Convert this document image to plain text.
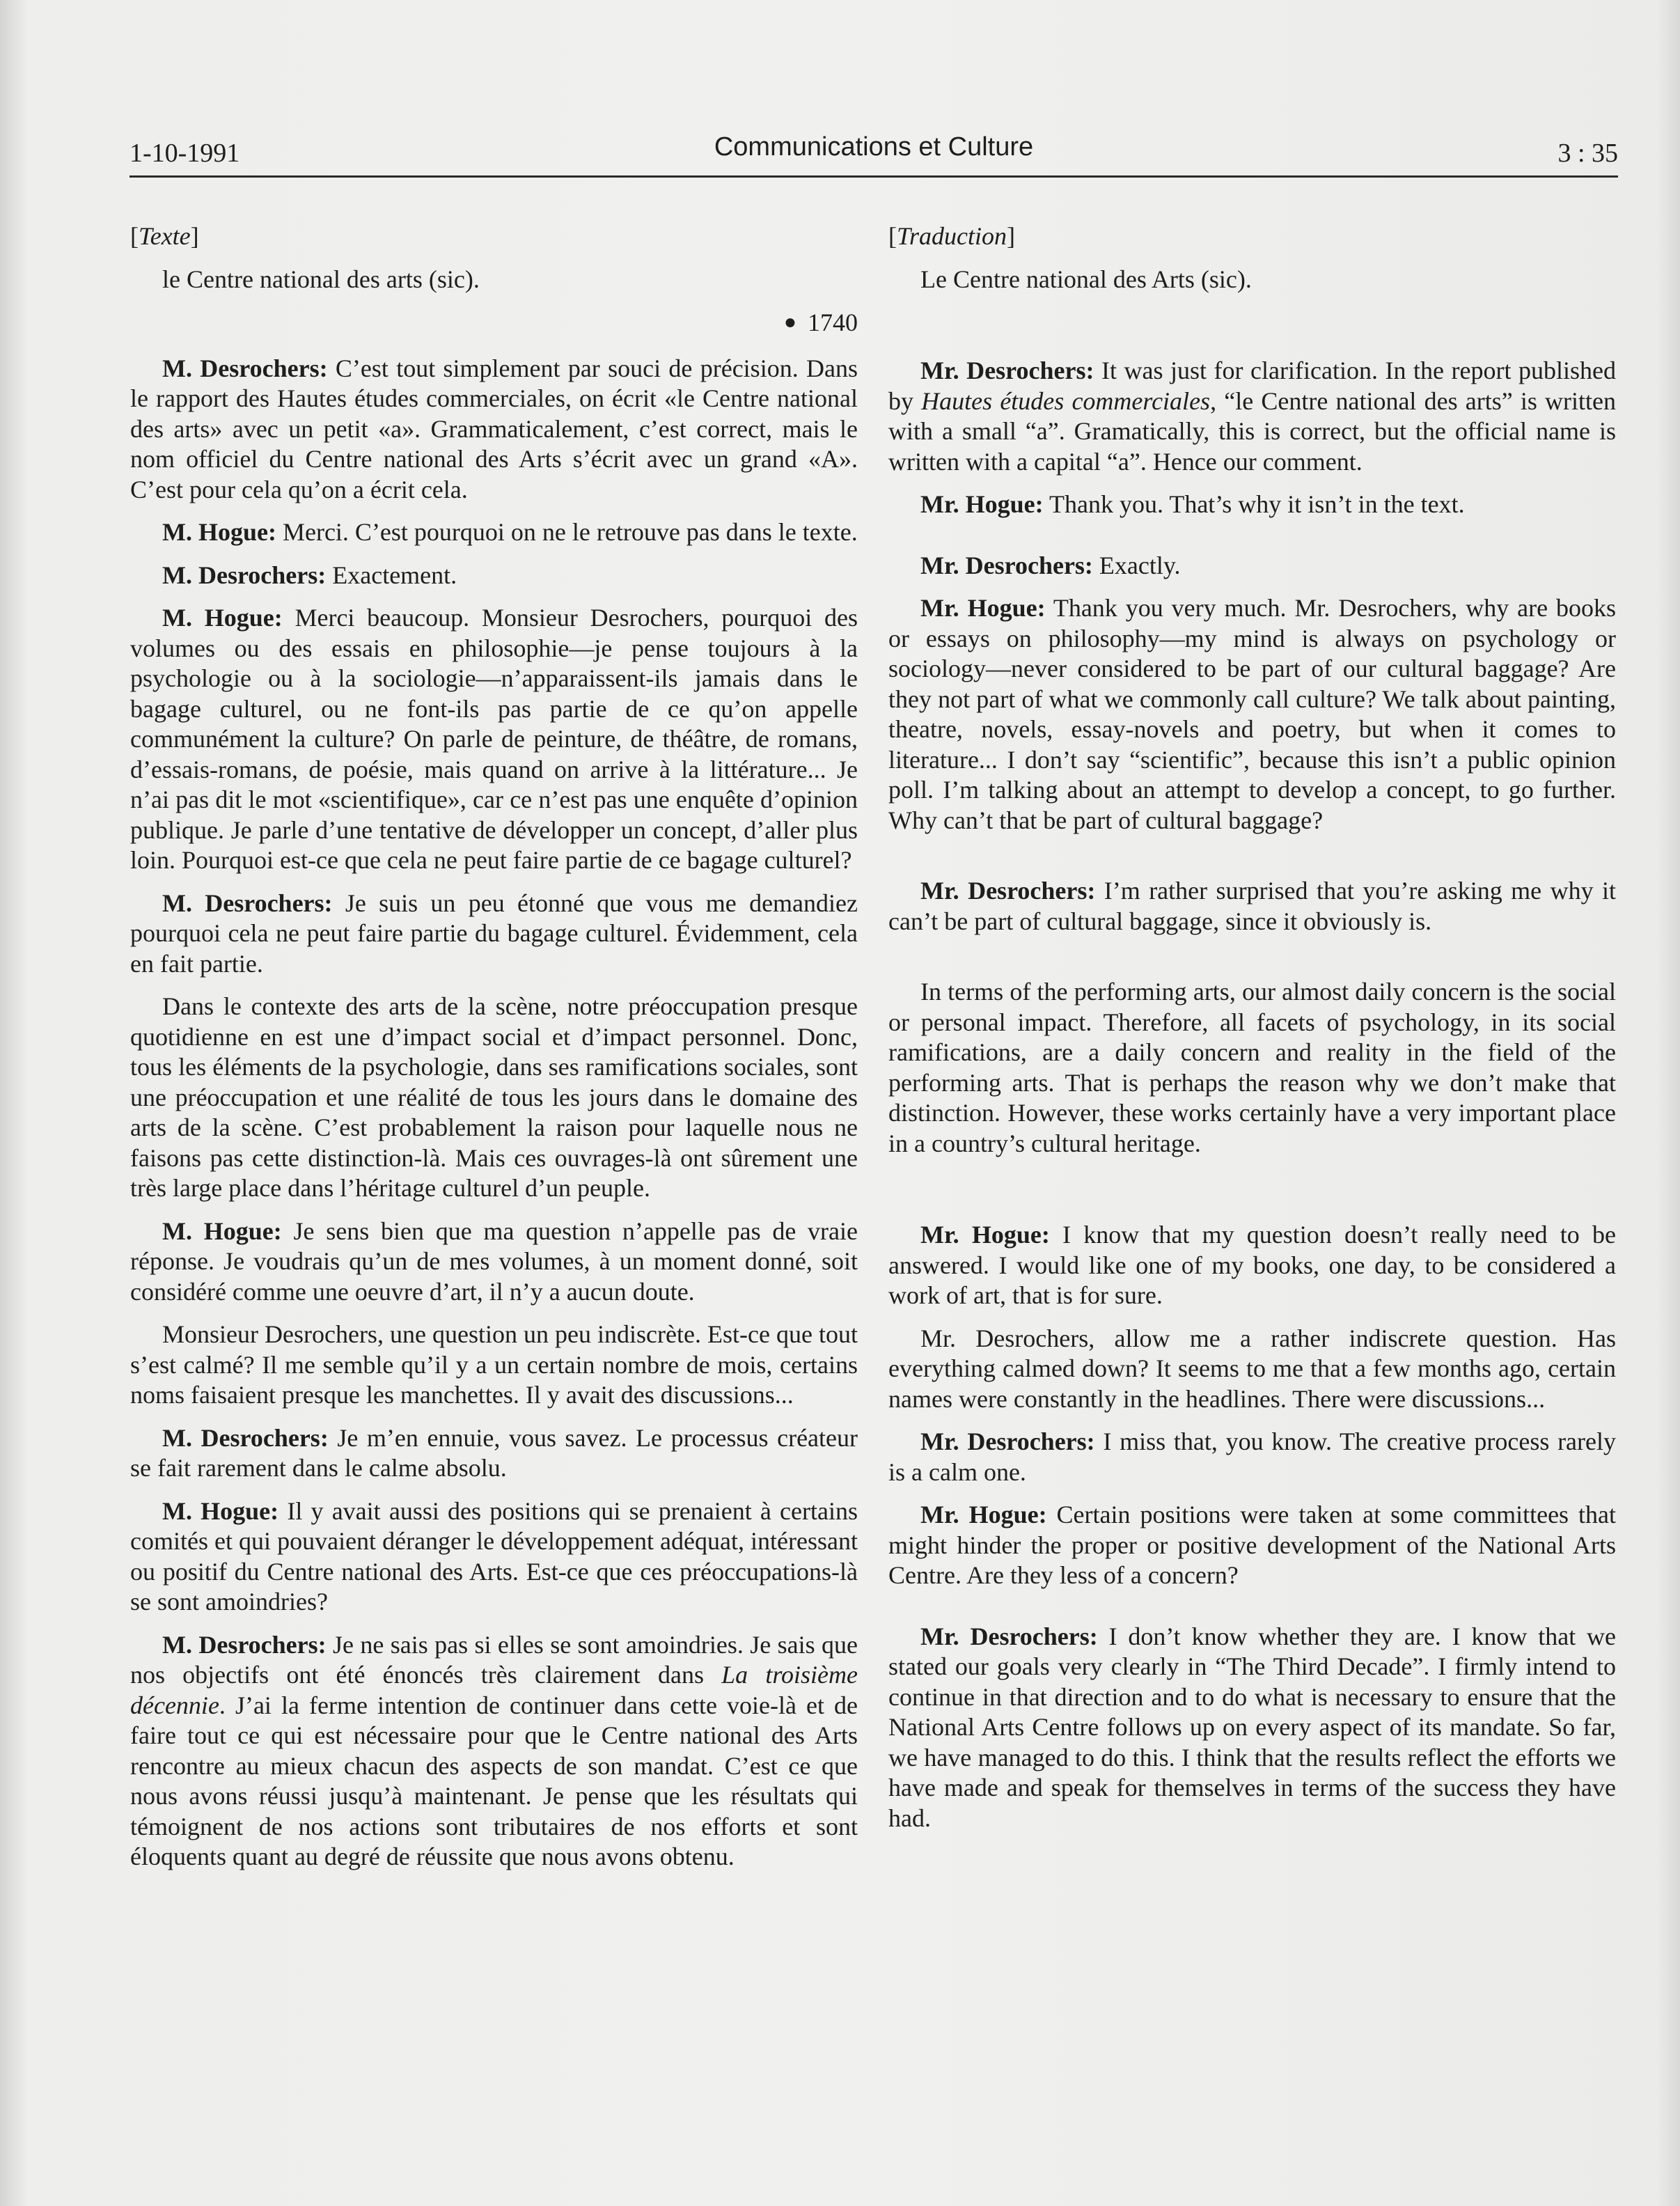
1-10-1991	Communications et Culture	3 : 35
[Texte]

le Centre national des arts (sic).

● 1740

M. Desrochers: C’est tout simplement par souci de précision. Dans le rapport des Hautes études commerciales, on écrit «le Centre national des arts» avec un petit «a». Grammaticalement, c’est correct, mais le nom officiel du Centre national des Arts s’écrit avec un grand «A». C’est pour cela qu’on a écrit cela.

M. Hogue: Merci. C’est pourquoi on ne le retrouve pas dans le texte.

M. Desrochers: Exactement.

M. Hogue: Merci beaucoup. Monsieur Desrochers, pourquoi des volumes ou des essais en philosophie—je pense toujours à la psychologie ou à la sociologie—n’apparaissent-ils jamais dans le bagage culturel, ou ne font-ils pas partie de ce qu’on appelle communément la culture? On parle de peinture, de théâtre, de romans, d’essais-romans, de poésie, mais quand on arrive à la littérature... Je n’ai pas dit le mot «scientifique», car ce n’est pas une enquête d’opinion publique. Je parle d’une tentative de développer un concept, d’aller plus loin. Pourquoi est-ce que cela ne peut faire partie de ce bagage culturel?

M. Desrochers: Je suis un peu étonné que vous me demandiez pourquoi cela ne peut faire partie du bagage culturel. Évidemment, cela en fait partie.

Dans le contexte des arts de la scène, notre préoccupation presque quotidienne en est une d’impact social et d’impact personnel. Donc, tous les éléments de la psychologie, dans ses ramifications sociales, sont une préoccupation et une réalité de tous les jours dans le domaine des arts de la scène. C’est probablement la raison pour laquelle nous ne faisons pas cette distinction-là. Mais ces ouvrages-là ont sûrement une très large place dans l’héritage culturel d’un peuple.

M. Hogue: Je sens bien que ma question n’appelle pas de vraie réponse. Je voudrais qu’un de mes volumes, à un moment donné, soit considéré comme une oeuvre d’art, il n’y a aucun doute.

Monsieur Desrochers, une question un peu indiscrète. Est-ce que tout s’est calmé? Il me semble qu’il y a un certain nombre de mois, certains noms faisaient presque les manchettes. Il y avait des discussions...

M. Desrochers: Je m’en ennuie, vous savez. Le processus créateur se fait rarement dans le calme absolu.

M. Hogue: Il y avait aussi des positions qui se prenaient à certains comités et qui pouvaient déranger le développement adéquat, intéressant ou positif du Centre national des Arts. Est-ce que ces préoccupations-là se sont amoindries?

M. Desrochers: Je ne sais pas si elles se sont amoindries. Je sais que nos objectifs ont été énoncés très clairement dans La troisième décennie. J’ai la ferme intention de continuer dans cette voie-là et de faire tout ce qui est nécessaire pour que le Centre national des Arts rencontre au mieux chacun des aspects de son mandat. C’est ce que nous avons réussi jusqu’à maintenant. Je pense que les résultats qui témoignent de nos actions sont tributaires de nos efforts et sont éloquents quant au degré de réussite que nous avons obtenu.

[Traduction]

Le Centre national des Arts (sic).

Mr. Desrochers: It was just for clarification. In the report published by Hautes études commerciales, “le Centre national des arts” is written with a small “a”. Gramatically, this is correct, but the official name is written with a capital “a”. Hence our comment.

Mr. Hogue: Thank you. That’s why it isn’t in the text.

Mr. Desrochers: Exactly.

Mr. Hogue: Thank you very much. Mr. Desrochers, why are books or essays on philosophy—my mind is always on psychology or sociology—never considered to be part of our cultural baggage? Are they not part of what we commonly call culture? We talk about painting, theatre, novels, essay-novels and poetry, but when it comes to literature... I don’t say “scientific”, because this isn’t a public opinion poll. I’m talking about an attempt to develop a concept, to go further. Why can’t that be part of cultural baggage?

Mr. Desrochers: I’m rather surprised that you’re asking me why it can’t be part of cultural baggage, since it obviously is.

In terms of the performing arts, our almost daily concern is the social or personal impact. Therefore, all facets of psychology, in its social ramifications, are a daily concern and reality in the field of the performing arts. That is perhaps the reason why we don’t make that distinction. However, these works certainly have a very important place in a country’s cultural heritage.

Mr. Hogue: I know that my question doesn’t really need to be answered. I would like one of my books, one day, to be considered a work of art, that is for sure.

Mr. Desrochers, allow me a rather indiscrete question. Has everything calmed down? It seems to me that a few months ago, certain names were constantly in the headlines. There were discussions...

Mr. Desrochers: I miss that, you know. The creative process rarely is a calm one.

Mr. Hogue: Certain positions were taken at some committees that might hinder the proper or positive development of the National Arts Centre. Are they less of a concern?

Mr. Desrochers: I don’t know whether they are. I know that we stated our goals very clearly in “The Third Decade”. I firmly intend to continue in that direction and to do what is necessary to ensure that the National Arts Centre follows up on every aspect of its mandate. So far, we have managed to do this. I think that the results reflect the efforts we have made and speak for themselves in terms of the success they have had.
